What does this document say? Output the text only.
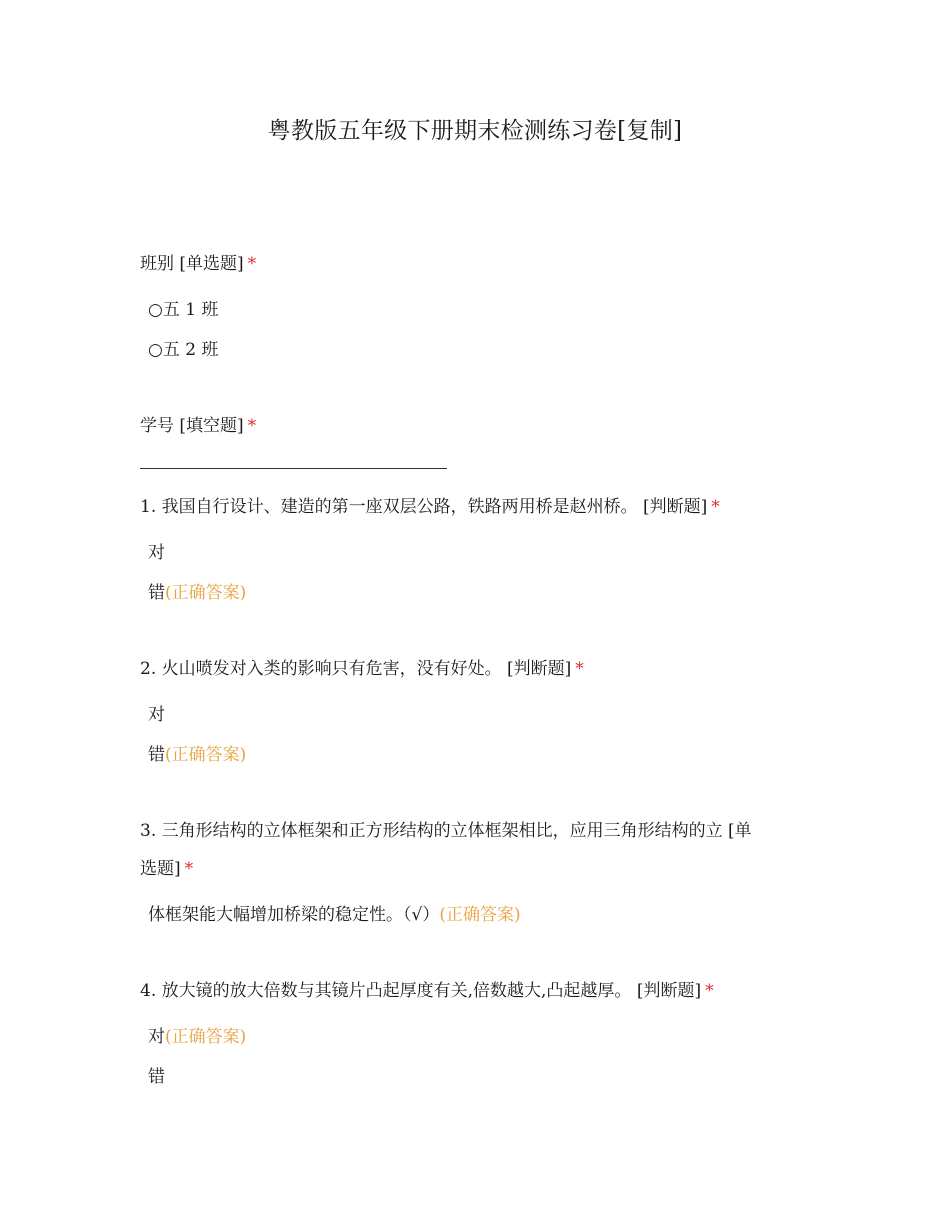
粤教版五年级下册期末检测练习卷[复制]
班别 [单选题] *
○五 1 班
○五 2 班
学号 [填空题] *
1. 我国自行设计、建造的第一座双层公路，铁路两用桥是赵州桥。 [判断题] *
对
错(正确答案)
2. 火山喷发对入类的影响只有危害，没有好处。 [判断题] *
对
错(正确答案)
3. 三角形结构的立体框架和正方形结构的立体框架相比，应用三角形结构的立 [单
选题] *
体框架能大幅增加桥梁的稳定性。（√）(正确答案)
4. 放大镜的放大倍数与其镜片凸起厚度有关,倍数越大,凸起越厚。 [判断题] *
对(正确答案)
错
